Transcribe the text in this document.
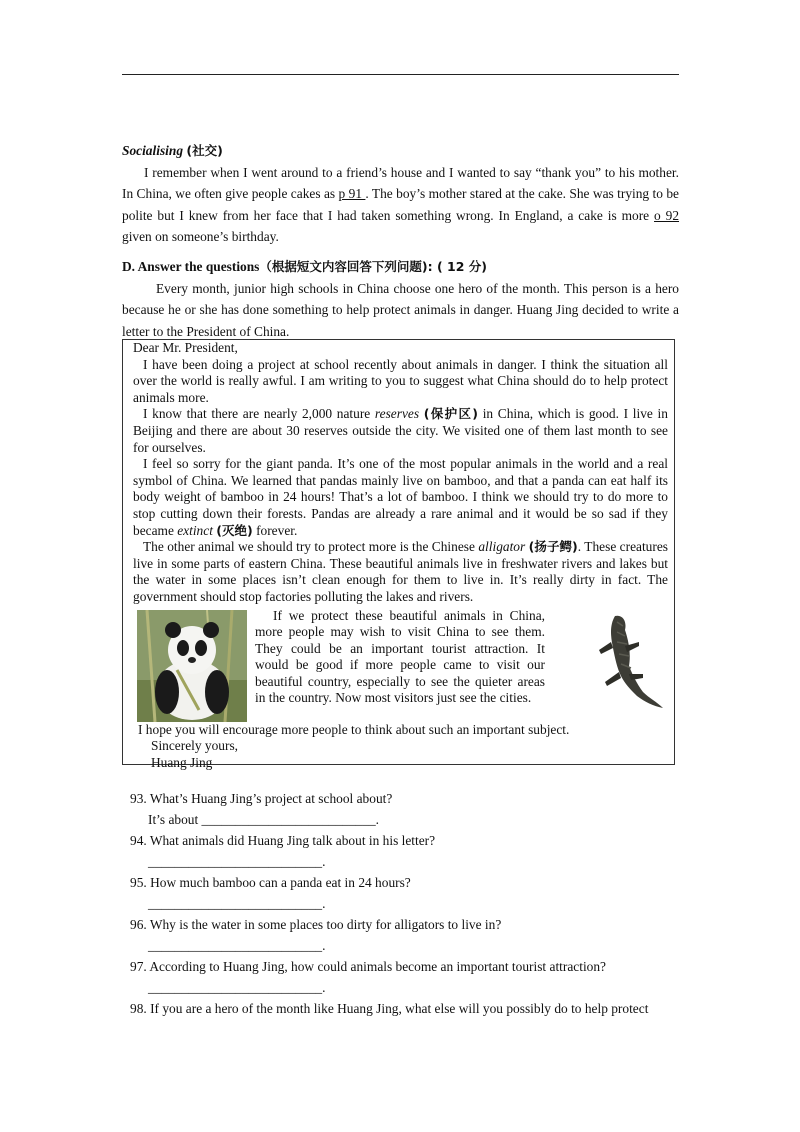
Socialising (社交)

I remember when I went around to a friend’s house and I wanted to say “thank you” to his mother. In China, we often give people cakes as p 91 . The boy’s mother stared at the cake. She was trying to be polite but I knew from her face that I had taken something wrong. In England, a cake is more o 92 given on someone’s birthday.

D. Answer the questions（根据短文内容回答下列问题): ( 12 分)

Every month, junior high schools in China choose one hero of the month. This person is a hero because he or she has done something to help protect animals in danger. Huang Jing decided to write a letter to the President of China.

Dear Mr. President,

I have been doing a project at school recently about animals in danger. I think the situation all over the world is really awful. I am writing to you to suggest what China should do to help protect animals more.

I know that there are nearly 2,000 nature reserves (保护区) in China, which is good. I live in Beijing and there are about 30 reserves outside the city. We visited one of them last month to see for ourselves.

I feel so sorry for the giant panda. It’s one of the most popular animals in the world and a real symbol of China. We learned that pandas mainly live on bamboo, and that a panda can eat half its body weight of bamboo in 24 hours! That’s a lot of bamboo. I think we should try to do more to stop cutting down their forests. Pandas are already a rare animal and it would be so sad if they became extinct (灭绝) forever.

The other animal we should try to protect more is the Chinese alligator (扬子鳄). These creatures live in some parts of eastern China. These beautiful animals live in freshwater rivers and lakes but the water in some places isn’t clean enough for them to live in. It’s really dirty in fact. The government should stop factories polluting the lakes and rivers.

If we protect these beautiful animals in China, more people may wish to visit China to see them. They could be an important tourist attraction. It would be good if more people came to visit our beautiful country, especially to see the quieter areas in the country. Now most visitors just see the cities.

I hope you will encourage more people to think about such an important subject.

Sincerely yours,

Huang Jing

93. What’s Huang Jing’s project at school about?

It’s about __________________________.

94. What animals did Huang Jing talk about in his letter?

__________________________.

95. How much bamboo can a panda eat in 24 hours?

__________________________.

96. Why is the water in some places too dirty for alligators to live in?

__________________________.

97. According to Huang Jing, how could animals become an important tourist attraction?

__________________________.

98. If you are a hero of the month like Huang Jing, what else will you possibly do to help protect
